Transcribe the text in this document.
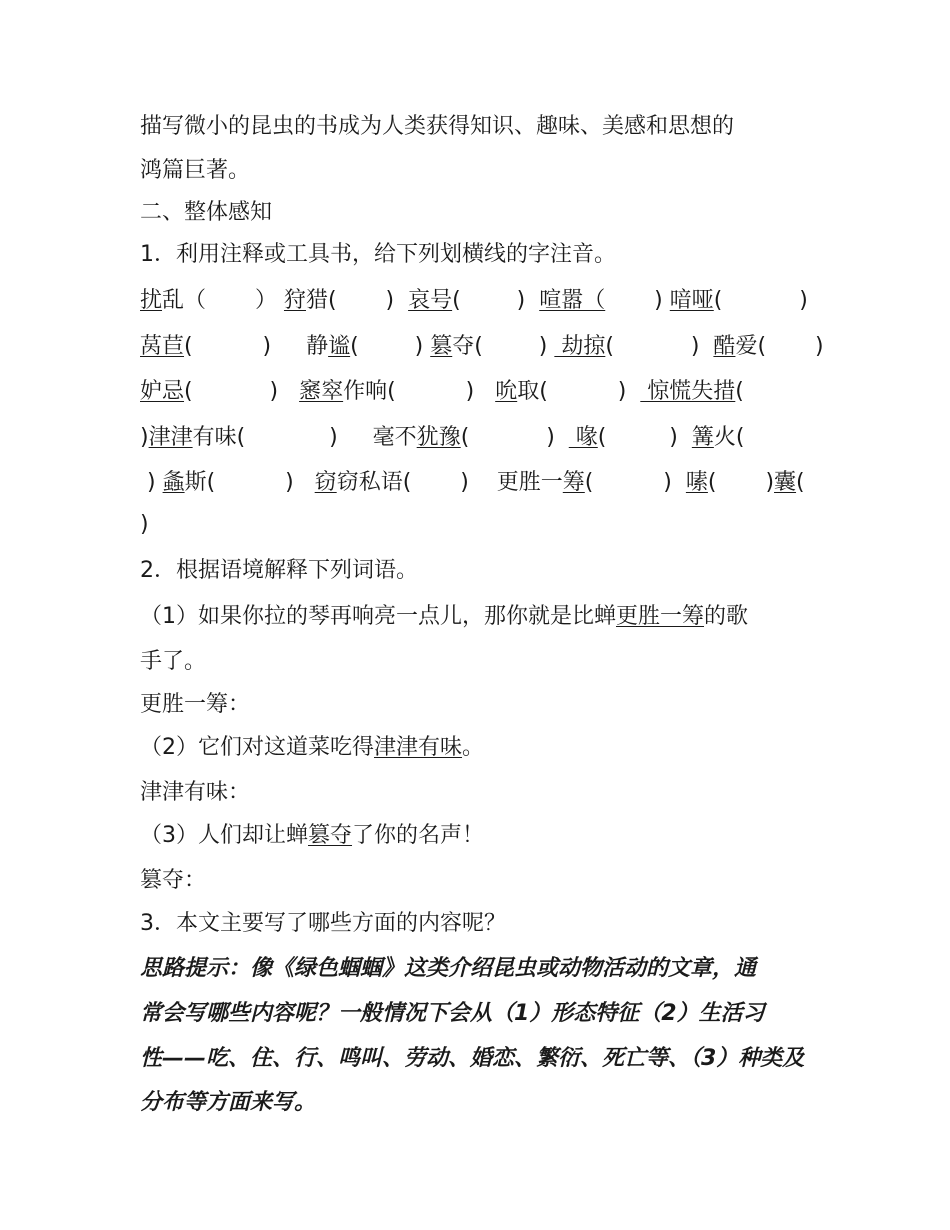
描写微小的昆虫的书成为人类获得知识、趣味、美感和思想的
鸿篇巨著。
二、整体感知
1．利用注释或工具书，给下列划横线的字注音。
扰乱（       ） 狩猎(       )  哀号(        )  喧嚣（       ) 喑哑(           )
莴苣(          )     静谧(        ) 篡夺(        )  劫掠(           )  酷爱(       )
妒忌(           )   窸窣作响(          )   吮取(          )   惊慌失措(
)津津有味(            )     毫不犹豫(           )   喙(         )  篝火(
) 螽斯(          )   窃窃私语(       )    更胜一筹(          )  嗉(       )囊(
)
2．根据语境解释下列词语。
（1）如果你拉的琴再响亮一点儿，那你就是比蝉更胜一筹的歌
手了。
更胜一筹：
（2）它们对这道菜吃得津津有味。
津津有味：
（3）人们却让蝉篡夺了你的名声！
篡夺：
3．本文主要写了哪些方面的内容呢？
思路提示：像《绿色蝈蝈》这类介绍昆虫或动物活动的文章，通
常会写哪些内容呢？一般情况下会从（1）形态特征（2）生活习
性——吃、住、行、鸣叫、劳动、婚恋、繁衍、死亡等、（3）种类及
分布等方面来写。
